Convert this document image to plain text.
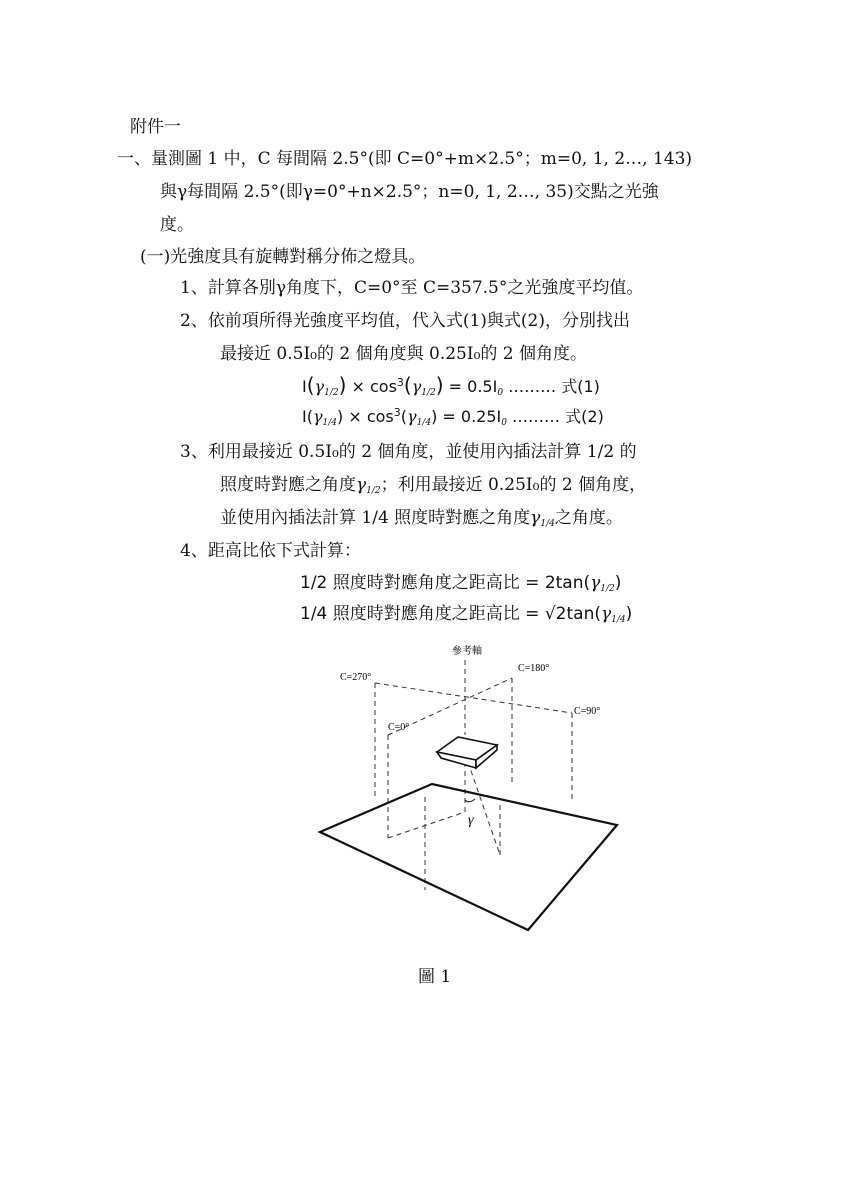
附件一
一、量測圖 1 中，C 每間隔 2.5°(即 C=0°+m×2.5°；m=0, 1, 2…, 143)
與γ每間隔 2.5°(即γ=0°+n×2.5°；n=0, 1, 2…, 35)交點之光強
度。
(一)光強度具有旋轉對稱分佈之燈具。
1、計算各別γ角度下，C=0°至 C=357.5°之光強度平均值。
2、依前項所得光強度平均值，代入式(1)與式(2)，分別找出
最接近 0.5I₀的 2 個角度與 0.25I₀的 2 個角度。
$I(\gamma 1/2) \times \cos^3(\gamma 1/2) = 0.5I0$ ……… 式(1)
$I(\gamma 1/4) \times \cos^3(\gamma 1/4) = 0.25I0$ ……… 式(2)
3、利用最接近 0.5I₀的 2 個角度，並使用內插法計算 1/2 的
照度時對應之角度γ1/2；利用最接近 0.25I₀的 2 個角度，
並使用內插法計算 1/4 照度時對應之角度γ1/4之角度。
4、距高比依下式計算：
1/2 照度時對應角度之距高比 = 2tan(γ1/2)
1/4 照度時對應角度之距高比 = √2tan(γ1/4)
γ
參考軸
C=180°
C=270°
C=90°
C=0°
圖 1
